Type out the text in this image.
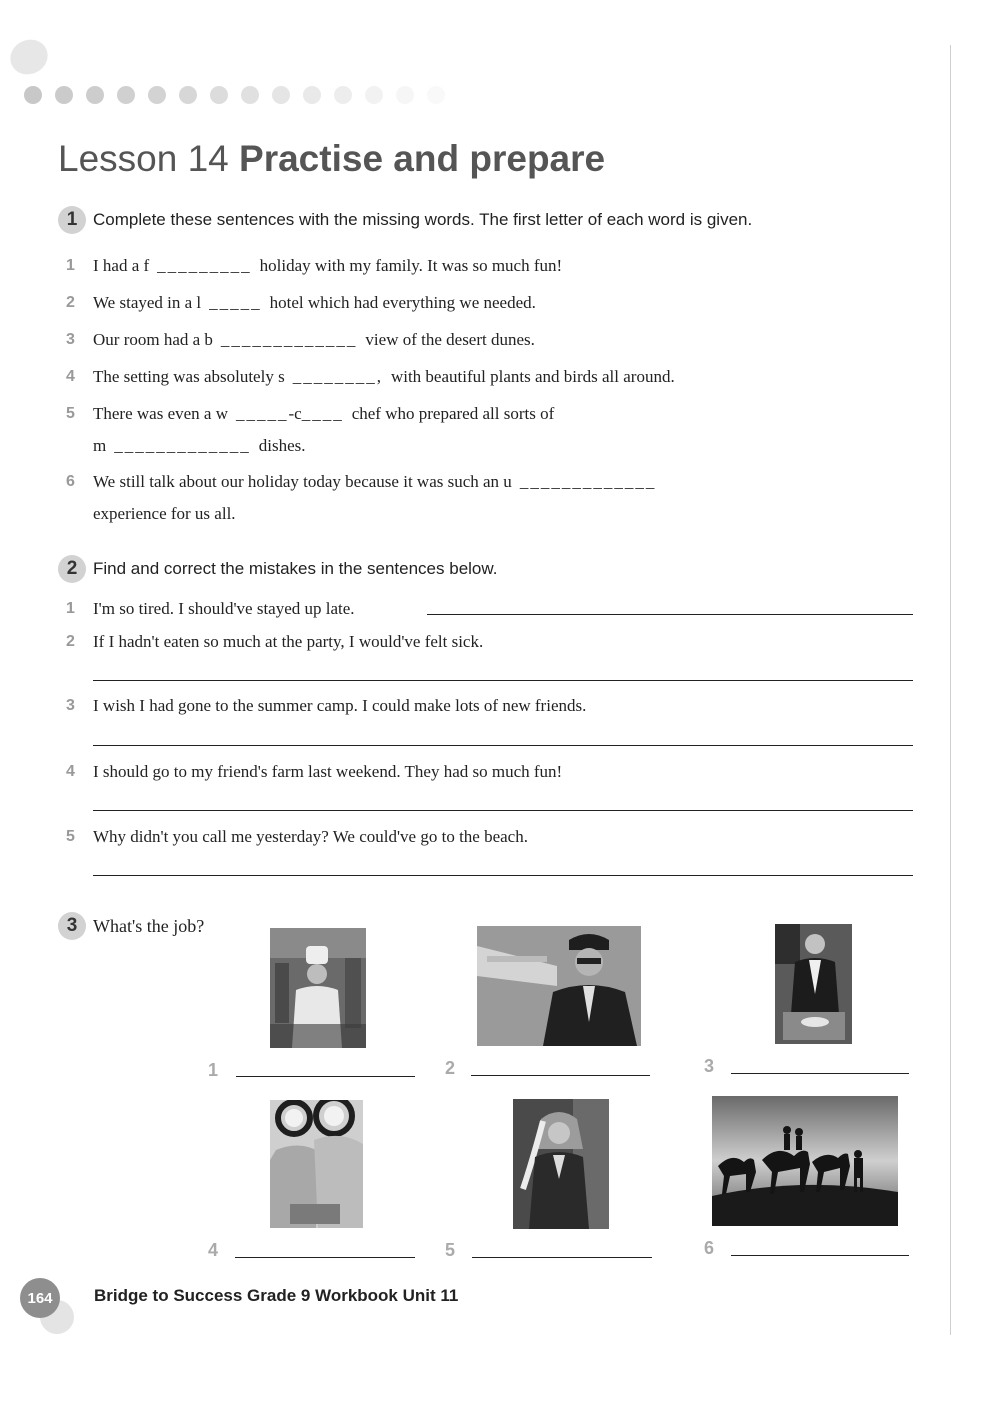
Lesson 14 Practise and prepare
1 Complete these sentences with the missing words. The first letter of each word is given.
1 I had a f _________ holiday with my family. It was so much fun!
2 We stayed in a l _____ hotel which had everything we needed.
3 Our room had a b _____________ view of the desert dunes.
4 The setting was absolutely s ________, with beautiful plants and birds all around.
5 There was even a w _____-c____ chef who prepared all sorts of
m _____________ dishes.
6 We still talk about our holiday today because it was such an u _____________
experience for us all.
2 Find and correct the mistakes in the sentences below.
1 I'm so tired. I should've stayed up late.
2 If I hadn't eaten so much at the party, I would've felt sick.
3 I wish I had gone to the summer camp. I could make lots of new friends.
4 I should go to my friend's farm last weekend. They had so much fun!
5 Why didn't you call me yesterday? We could've go to the beach.
3 What's the job?
1	2	3
4	5	6
164	Bridge to Success Grade 9 Workbook Unit 11
